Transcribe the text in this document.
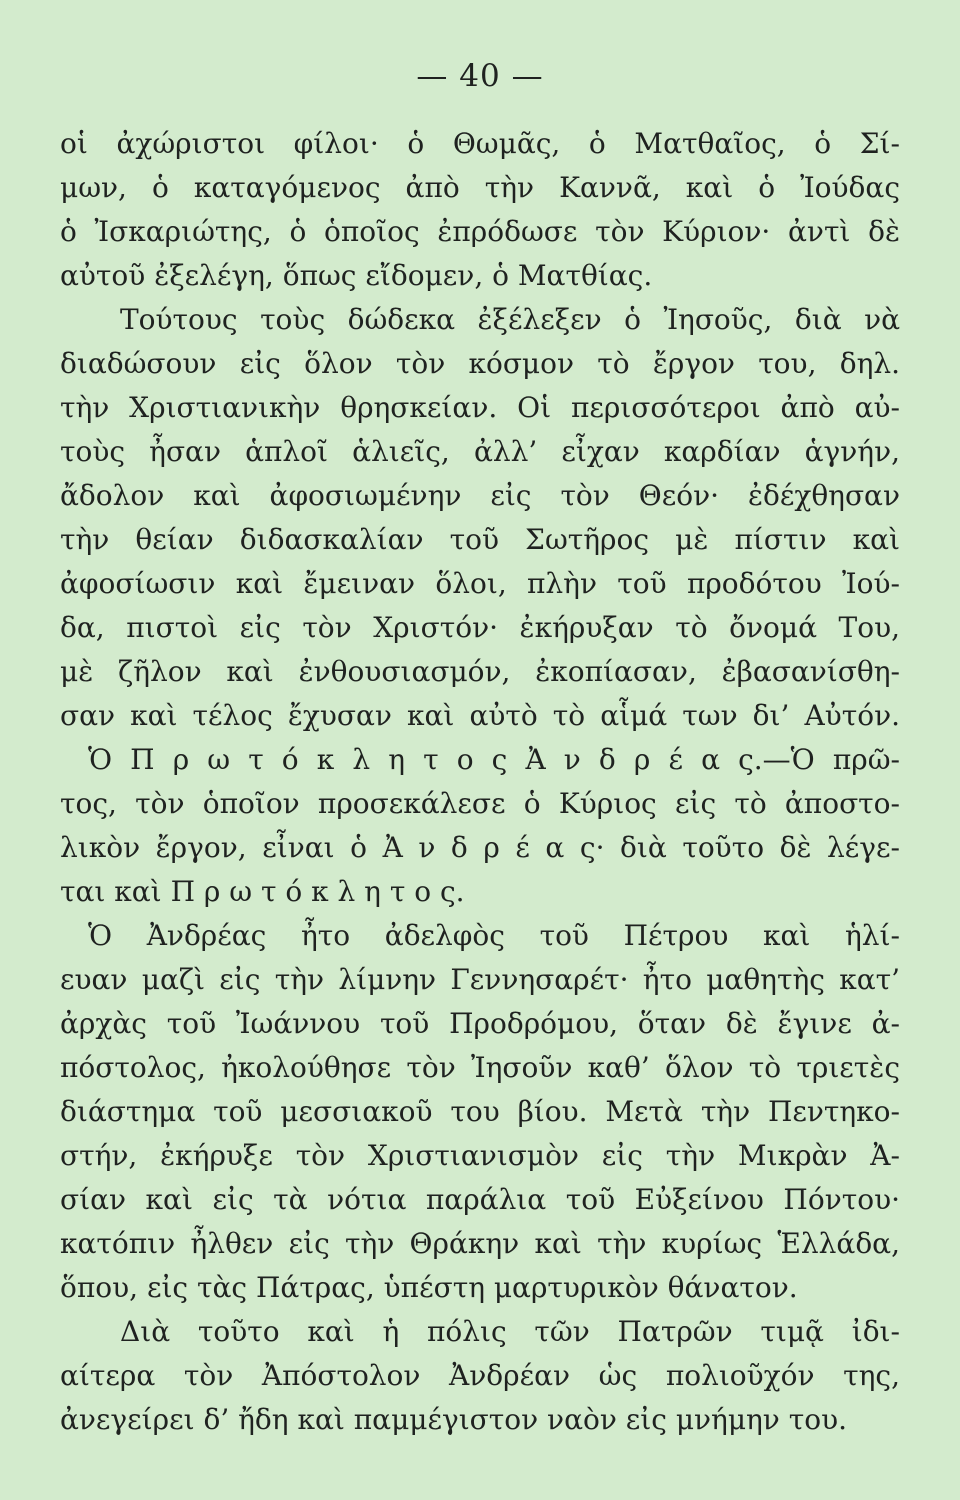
— 40 —
οἱ ἀχώριστοι φίλοι· ὁ Θωμᾶς, ὁ Ματθαῖος, ὁ Σί-
μων, ὁ καταγόμενος ἀπὸ τὴν Καννᾶ, καὶ ὁ Ἰούδας
ὁ Ἰσκαριώτης, ὁ ὁποῖος ἐπρόδωσε τὸν Κύριον· ἀντὶ δὲ
αὐτοῦ ἐξελέγη, ὅπως εἴδομεν, ὁ Ματθίας.
Τούτους τοὺς δώδεκα ἐξέλεξεν ὁ Ἰησοῦς, διὰ νὰ
διαδώσουν εἰς ὅλον τὸν κόσμον τὸ ἔργον του, δηλ.
τὴν Χριστιανικὴν θρησκείαν. Οἱ περισσότεροι ἀπὸ αὐ-
τοὺς ἦσαν ἁπλοῖ ἁλιεῖς, ἀλλ’ εἶχαν καρδίαν ἁγνήν,
ἄδολον καὶ ἀφοσιωμένην εἰς τὸν Θεόν· ἐδέχθησαν
τὴν θείαν διδασκαλίαν τοῦ Σωτῆρος μὲ πίστιν καὶ
ἀφοσίωσιν καὶ ἔμειναν ὅλοι, πλὴν τοῦ προδότου Ἰού-
δα, πιστοὶ εἰς τὸν Χριστόν· ἐκήρυξαν τὸ ὄνομά Του,
μὲ ζῆλον καὶ ἐνθουσιασμόν, ἐκοπίασαν, ἐβασανίσθη-
σαν καὶ τέλος ἔχυσαν καὶ αὐτὸ τὸ αἷμά των δι’ Αὐτόν.
Ὁ Π ρ ω τ ό κ λ η τ ο ς Ἀ ν δ ρ έ α ς.—Ὁ πρῶ-
τος, τὸν ὁποῖον προσεκάλεσε ὁ Κύριος εἰς τὸ ἀποστο-
λικὸν ἔργον, εἶναι ὁ Ἀ ν δ ρ έ α ς· διὰ τοῦτο δὲ λέγε-
ται καὶ Π ρ ω τ ό κ λ η τ ο ς.
Ὁ Ἀνδρέας ἦτο ἀδελφὸς τοῦ Πέτρου καὶ ἡλί-
ευαν μαζὶ εἰς τὴν λίμνην Γεννησαρέτ· ἦτο μαθητὴς κατ’
ἀρχὰς τοῦ Ἰωάννου τοῦ Προδρόμου, ὅταν δὲ ἔγινε ἀ-
πόστολος, ἠκολούθησε τὸν Ἰησοῦν καθ’ ὅλον τὸ τριετὲς
διάστημα τοῦ μεσσιακοῦ του βίου. Μετὰ τὴν Πεντηκο-
στήν, ἐκήρυξε τὸν Χριστιανισμὸν εἰς τὴν Μικρὰν Ἀ-
σίαν καὶ εἰς τὰ νότια παράλια τοῦ Εὐξείνου Πόντου·
κατόπιν ἦλθεν εἰς τὴν Θράκην καὶ τὴν κυρίως Ἑλλάδα,
ὅπου, εἰς τὰς Πάτρας, ὑπέστη μαρτυρικὸν θάνατον.
Διὰ τοῦτο καὶ ἡ πόλις τῶν Πατρῶν τιμᾷ ἰδι-
αίτερα τὸν Ἀπόστολον Ἀνδρέαν ὡς πολιοῦχόν της,
ἀνεγείρει δ’ ἤδη καὶ παμμέγιστον ναὸν εἰς μνήμην του.
